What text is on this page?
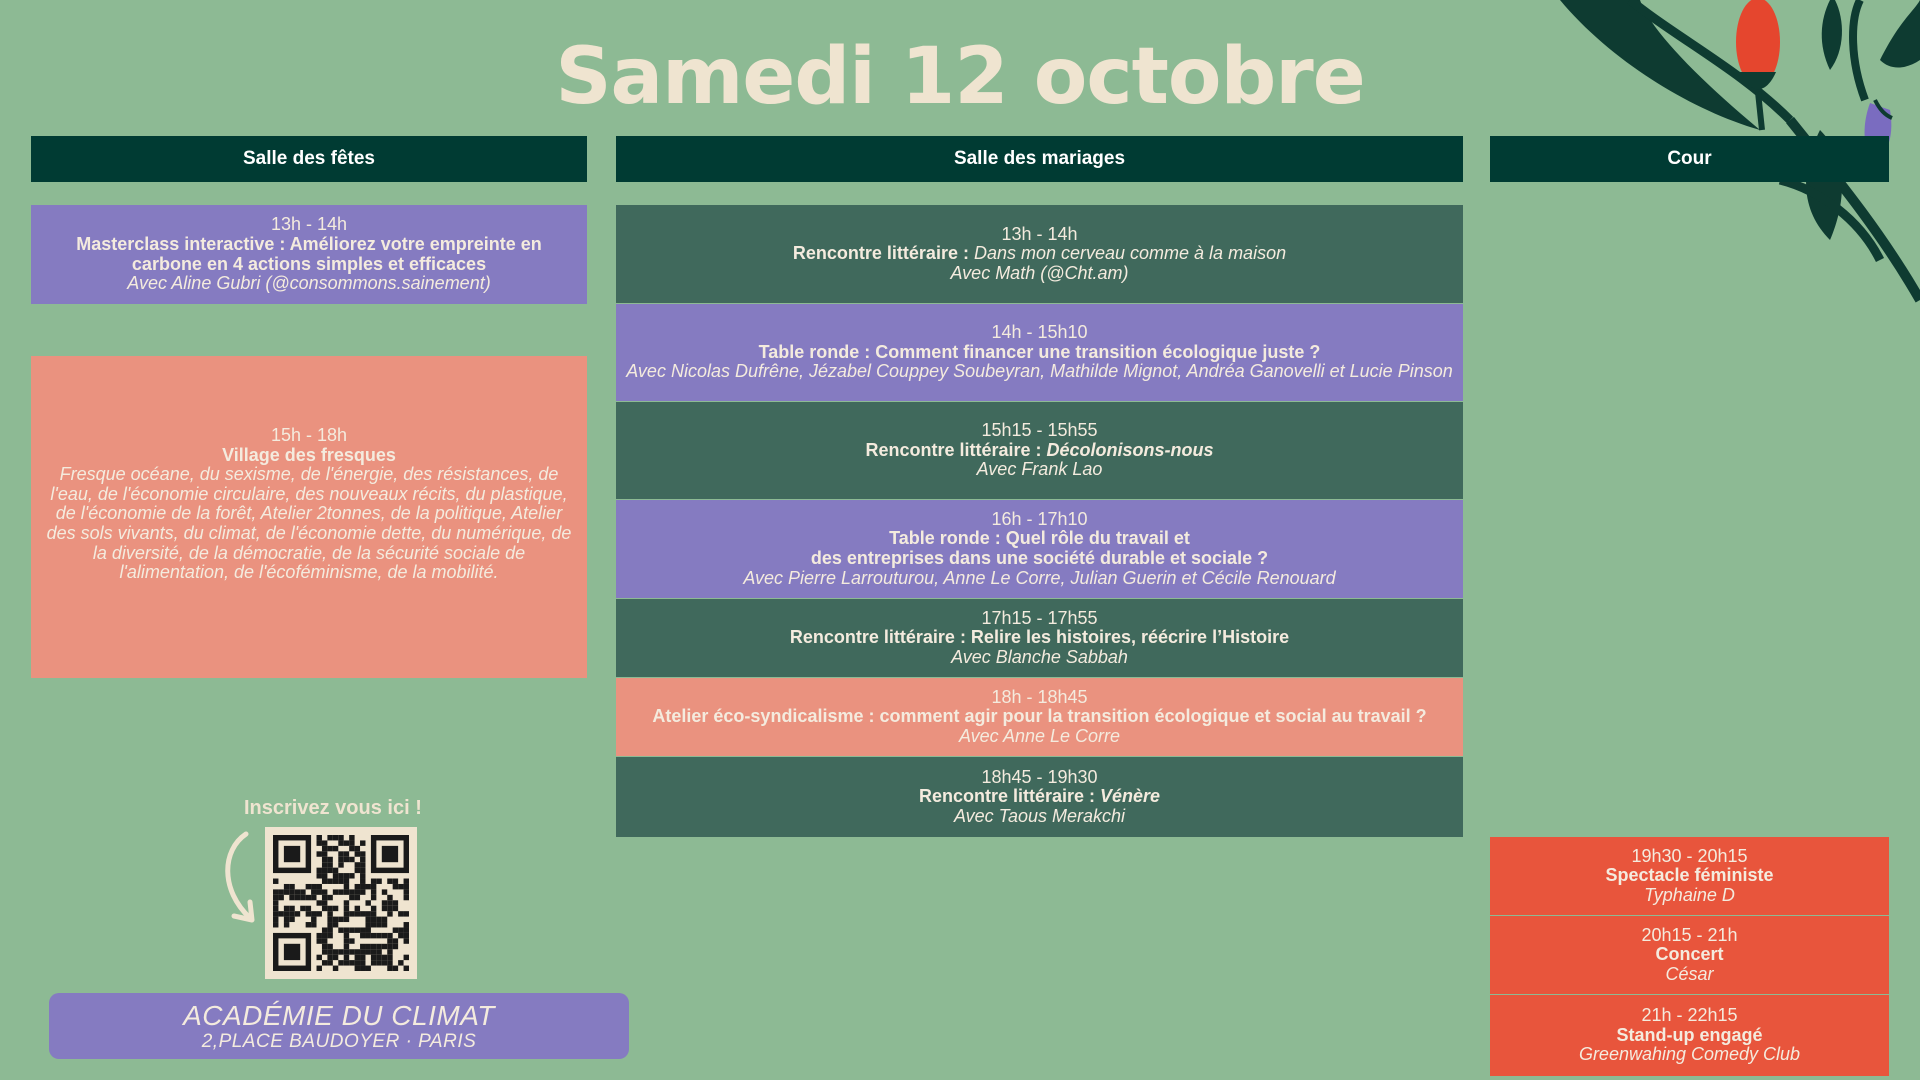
Samedi 12 octobre
Salle des fêtes	Salle des mariages	Cour
13h - 14h
Masterclass interactive : Améliorez votre empreinte en carbone en 4 actions simples et efficaces
Avec Aline Gubri (@consommons.sainement)
15h - 18h
Village des fresques
Fresque océane, du sexisme, de l'énergie, des résistances, de l'eau, de l'économie circulaire, des nouveaux récits, du plastique, de l'économie de la forêt, Atelier 2tonnes, de la politique, Atelier des sols vivants, du climat, de l'économie dette, du numérique, de la diversité, de la démocratie, de la sécurité sociale de l'alimentation, de l'écoféminisme, de la mobilité.
13h - 14h
Rencontre littéraire : Dans mon cerveau comme à la maison
Avec Math (@Cht.am)
14h - 15h10
Table ronde : Comment financer une transition écologique juste ?
Avec Nicolas Dufrêne, Jézabel Couppey Soubeyran, Mathilde Mignot, Andréa Ganovelli et Lucie Pinson
15h15 - 15h55
Rencontre littéraire : Décolonisons-nous
Avec Frank Lao
16h - 17h10
Table ronde : Quel rôle du travail et
des entreprises dans une société durable et sociale ?
Avec Pierre Larrouturou, Anne Le Corre, Julian Guerin et Cécile Renouard
17h15 - 17h55
Rencontre littéraire : Relire les histoires, réécrire l’Histoire
Avec Blanche Sabbah
18h - 18h45
Atelier éco-syndicalisme : comment agir pour la transition écologique et social au travail ?
Avec Anne Le Corre
18h45 - 19h30
Rencontre littéraire : Vénère
Avec Taous Merakchi
19h30 - 20h15
Spectacle féministe
Typhaine D
20h15 - 21h
Concert
César
21h - 22h15
Stand-up engagé
Greenwahing Comedy Club
Inscrivez vous ici !
ACADÉMIE DU CLIMAT
2,PLACE BAUDOYER · PARIS
